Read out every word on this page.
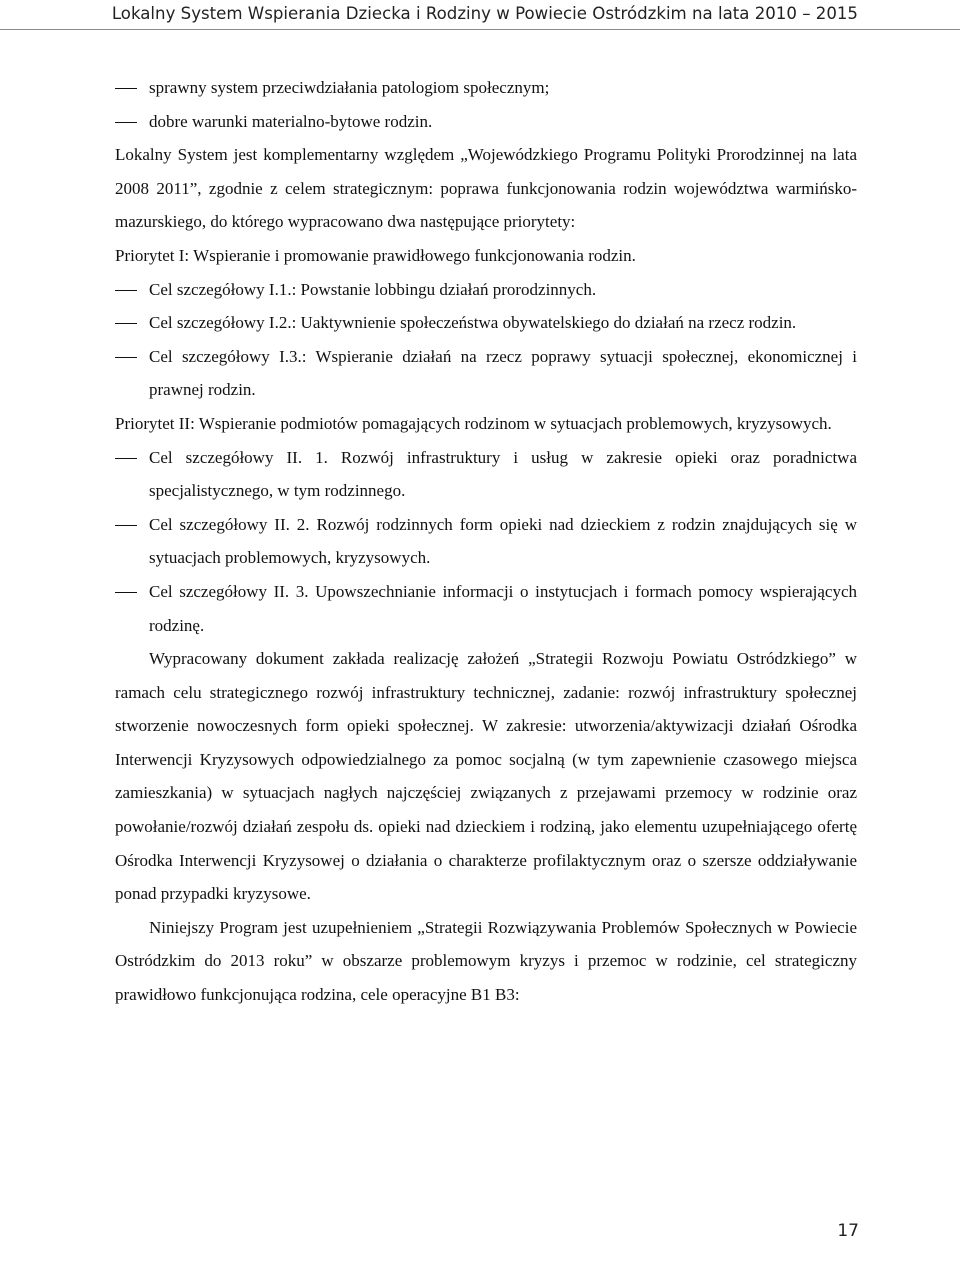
Lokalny System Wspierania Dziecka i Rodziny w Powiecie Ostródzkim na lata 2010 – 2015
sprawny system przeciwdziałania patologiom społecznym;
dobre warunki materialno-bytowe rodzin.

Lokalny System jest komplementarny względem „Wojewódzkiego Programu Polityki Prorodzinnej na lata 2008 2011”, zgodnie z celem strategicznym: poprawa funkcjonowania rodzin województwa warmińsko-mazurskiego, do którego wypracowano dwa następujące priorytety:

Priorytet I: Wspieranie i promowanie prawidłowego funkcjonowania rodzin.

Cel szczegółowy I.1.: Powstanie lobbingu działań prorodzinnych.
Cel szczegółowy I.2.: Uaktywnienie społeczeństwa obywatelskiego do działań na rzecz rodzin.
Cel szczegółowy I.3.: Wspieranie działań na rzecz poprawy sytuacji społecznej, ekonomicznej i prawnej rodzin.

Priorytet II: Wspieranie podmiotów pomagających rodzinom w sytuacjach problemowych, kryzysowych.

Cel szczegółowy II. 1. Rozwój infrastruktury i usług w zakresie opieki oraz poradnictwa specjalistycznego, w tym rodzinnego.
Cel szczegółowy II. 2. Rozwój rodzinnych form opieki nad dzieckiem z rodzin znajdujących się w sytuacjach problemowych, kryzysowych.
Cel szczegółowy II. 3. Upowszechnianie informacji o instytucjach i formach pomocy wspierających rodzinę.

Wypracowany dokument zakłada realizację założeń „Strategii Rozwoju Powiatu Ostródzkiego” w ramach celu strategicznego rozwój infrastruktury technicznej, zadanie: rozwój infrastruktury społecznej stworzenie nowoczesnych form opieki społecznej. W zakresie: utworzenia/aktywizacji działań Ośrodka Interwencji Kryzysowych odpowiedzialnego za pomoc socjalną (w tym zapewnienie czasowego miejsca zamieszkania) w sytuacjach nagłych najczęściej związanych z przejawami przemocy w rodzinie oraz powołanie/rozwój działań zespołu ds. opieki nad dzieckiem i rodziną, jako elementu uzupełniającego ofertę Ośrodka Interwencji Kryzysowej o działania o charakterze profilaktycznym oraz o szersze oddziaływanie ponad przypadki kryzysowe.

Niniejszy Program jest uzupełnieniem „Strategii Rozwiązywania Problemów Społecznych w Powiecie Ostródzkim do 2013 roku” w obszarze problemowym kryzys i przemoc w rodzinie, cel strategiczny prawidłowo funkcjonująca rodzina, cele operacyjne B1 B3:

17
